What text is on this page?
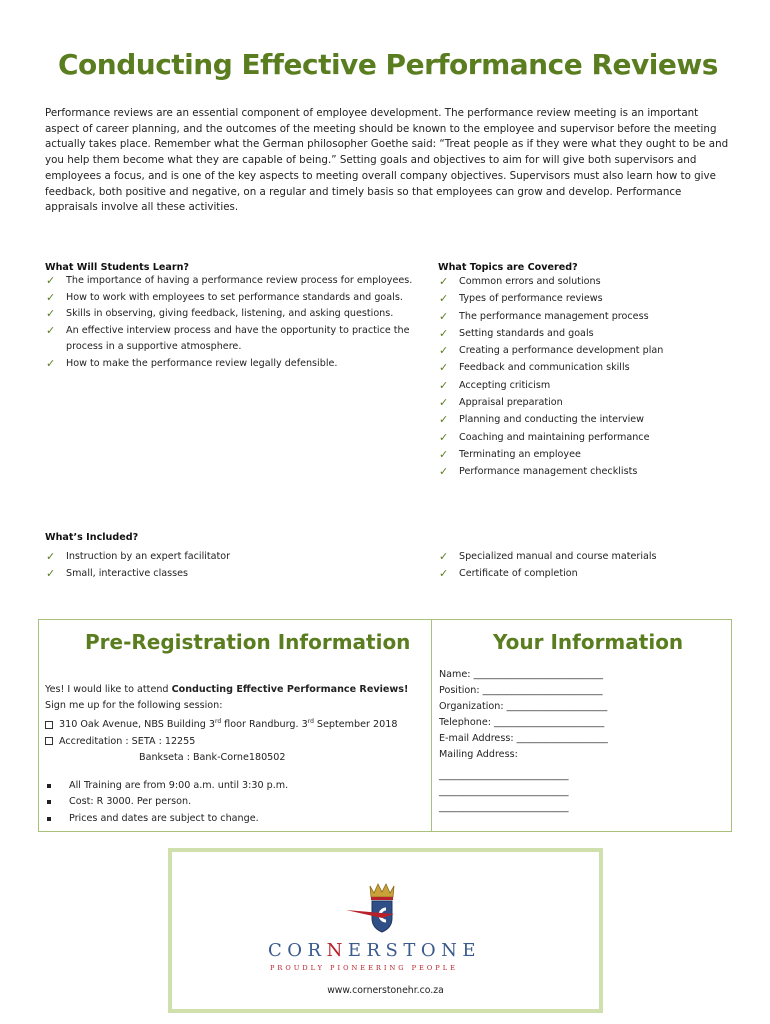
Conducting Effective Performance Reviews

Performance reviews are an essential component of employee development. The performance review meeting is an important aspect of career planning, and the outcomes of the meeting should be known to the employee and supervisor before the meeting actually takes place. Remember what the German philosopher Goethe said: “Treat people as if they were what they ought to be and you help them become what they are capable of being.” Setting goals and objectives to aim for will give both supervisors and employees a focus, and is one of the key aspects to meeting overall company objectives. Supervisors must also learn how to give feedback, both positive and negative, on a regular and timely basis so that employees can grow and develop. Performance appraisals involve all these activities.

What Will Students Learn?
✓ The importance of having a performance review process for employees.
✓ How to work with employees to set performance standards and goals.
✓ Skills in observing, giving feedback, listening, and asking questions.
✓ An effective interview process and have the opportunity to practice the process in a supportive atmosphere.
✓ How to make the performance review legally defensible.
What Topics are Covered?
✓ Common errors and solutions
✓ Types of performance reviews
✓ The performance management process
✓ Setting standards and goals
✓ Creating a performance development plan
✓ Feedback and communication skills
✓ Accepting criticism
✓ Appraisal preparation
✓ Planning and conducting the interview
✓ Coaching and maintaining performance
✓ Terminating an employee
✓ Performance management checklists
What’s Included?
✓ Instruction by an expert facilitator
✓ Small, interactive classes
✓ Specialized manual and course materials
✓ Certificate of completion
Pre-Registration Information	Your Information
Yes! I would like to attend Conducting Effective Performance Reviews!
Sign me up for the following session:
310 Oak Avenue, NBS Building 3rd floor Randburg. 3rd September 2018
Accreditation : SETA : 12255
Bankseta : Bank-Corne180502
All Training are from 9:00 a.m. until 3:30 p.m.
Cost: R 3000. Per person.
Prices and dates are subject to change.
Name: ___________________________
Position: _________________________
Organization: _____________________
Telephone: _______________________
E-mail Address: ___________________
Mailing Address:
___________________________
___________________________
___________________________
CORNERSTONE
PROUDLY PIONEERING PEOPLE
www.cornerstonehr.co.za
